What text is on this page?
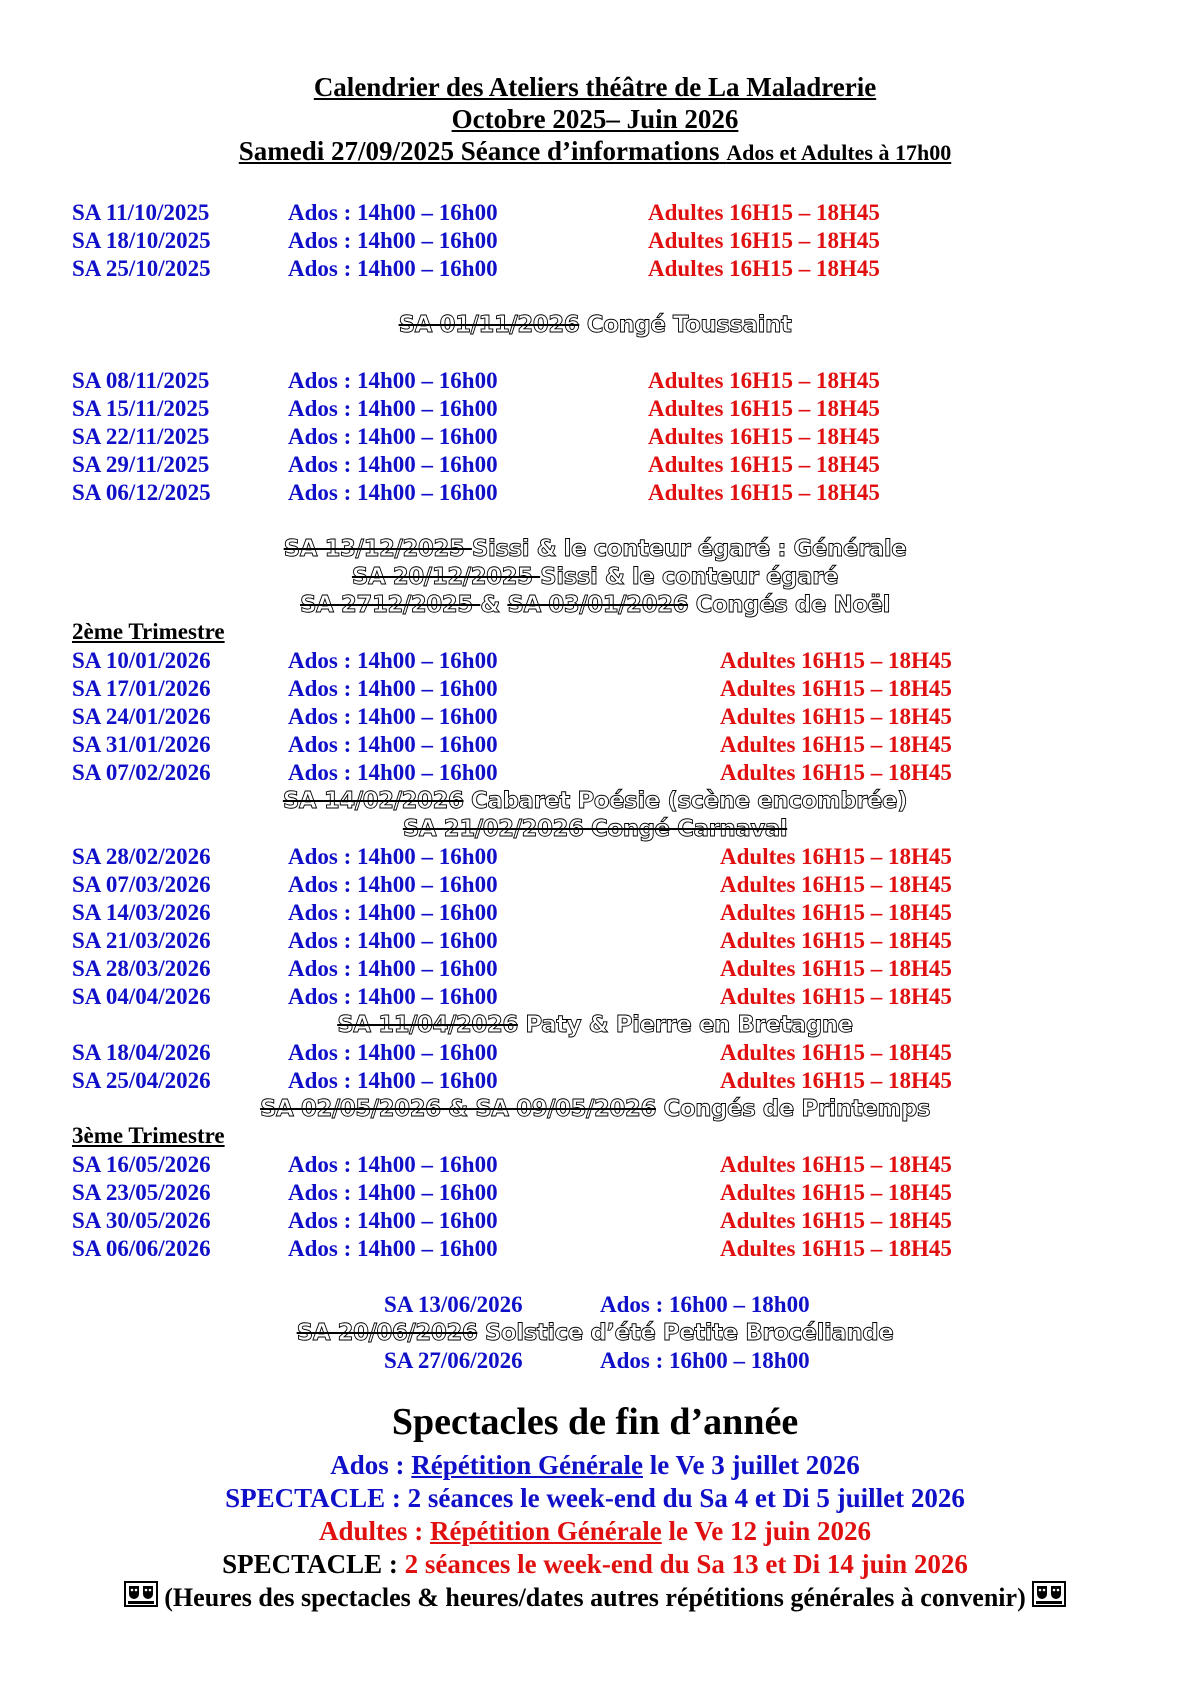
Calendrier des Ateliers théâtre de La Maladrerie
Octobre 2025– Juin 2026
Samedi 27/09/2025 Séance d’informations Ados et Adultes à 17h00
SA 11/10/2025	Ados : 14h00 – 16h00	Adultes 16H15 – 18H45
SA 18/10/2025	Ados : 14h00 – 16h00	Adultes 16H15 – 18H45
SA 25/10/2025	Ados : 14h00 – 16h00	Adultes 16H15 – 18H45
SA 01/11/2026 Congé Toussaint
SA 08/11/2025	Ados : 14h00 – 16h00	Adultes 16H15 – 18H45
SA 15/11/2025	Ados : 14h00 – 16h00	Adultes 16H15 – 18H45
SA 22/11/2025	Ados : 14h00 – 16h00	Adultes 16H15 – 18H45
SA 29/11/2025	Ados : 14h00 – 16h00	Adultes 16H15 – 18H45
SA 06/12/2025	Ados : 14h00 – 16h00	Adultes 16H15 – 18H45
SA 13/12/2025 Sissi & le conteur égaré : Générale
SA 20/12/2025 Sissi & le conteur égaré
SA 2712/2025 & SA 03/01/2026 Congés de Noël
2ème Trimestre
SA 10/01/2026	Ados : 14h00 – 16h00	Adultes 16H15 – 18H45
SA 17/01/2026	Ados : 14h00 – 16h00	Adultes 16H15 – 18H45
SA 24/01/2026	Ados : 14h00 – 16h00	Adultes 16H15 – 18H45
SA 31/01/2026	Ados : 14h00 – 16h00	Adultes 16H15 – 18H45
SA 07/02/2026	Ados : 14h00 – 16h00	Adultes 16H15 – 18H45
SA 14/02/2026 Cabaret Poésie (scène encombrée)
SA 21/02/2026 Congé Carnaval
SA 28/02/2026	Ados : 14h00 – 16h00	Adultes 16H15 – 18H45
SA 07/03/2026	Ados : 14h00 – 16h00	Adultes 16H15 – 18H45
SA 14/03/2026	Ados : 14h00 – 16h00	Adultes 16H15 – 18H45
SA 21/03/2026	Ados : 14h00 – 16h00	Adultes 16H15 – 18H45
SA 28/03/2026	Ados : 14h00 – 16h00	Adultes 16H15 – 18H45
SA 04/04/2026	Ados : 14h00 – 16h00	Adultes 16H15 – 18H45
SA 11/04/2026 Paty & Pierre en Bretagne
SA 18/04/2026	Ados : 14h00 – 16h00	Adultes 16H15 – 18H45
SA 25/04/2026	Ados : 14h00 – 16h00	Adultes 16H15 – 18H45
SA 02/05/2026 & SA 09/05/2026 Congés de Printemps
3ème Trimestre
SA 16/05/2026	Ados : 14h00 – 16h00	Adultes 16H15 – 18H45
SA 23/05/2026	Ados : 14h00 – 16h00	Adultes 16H15 – 18H45
SA 30/05/2026	Ados : 14h00 – 16h00	Adultes 16H15 – 18H45
SA 06/06/2026	Ados : 14h00 – 16h00	Adultes 16H15 – 18H45
SA 13/06/2026	Ados : 16h00 – 18h00
SA 20/06/2026 Solstice d’été Petite Brocéliande
SA 27/06/2026	Ados : 16h00 – 18h00
Spectacles de fin d’année
Ados : Répétition Générale le Ve 3 juillet 2026
SPECTACLE : 2 séances le week-end du Sa 4 et Di 5 juillet 2026
Adultes : Répétition Générale le Ve 12 juin 2026
SPECTACLE : 2 séances le week-end du Sa 13 et Di 14 juin 2026
(Heures des spectacles & heures/dates autres répétitions générales à convenir)
